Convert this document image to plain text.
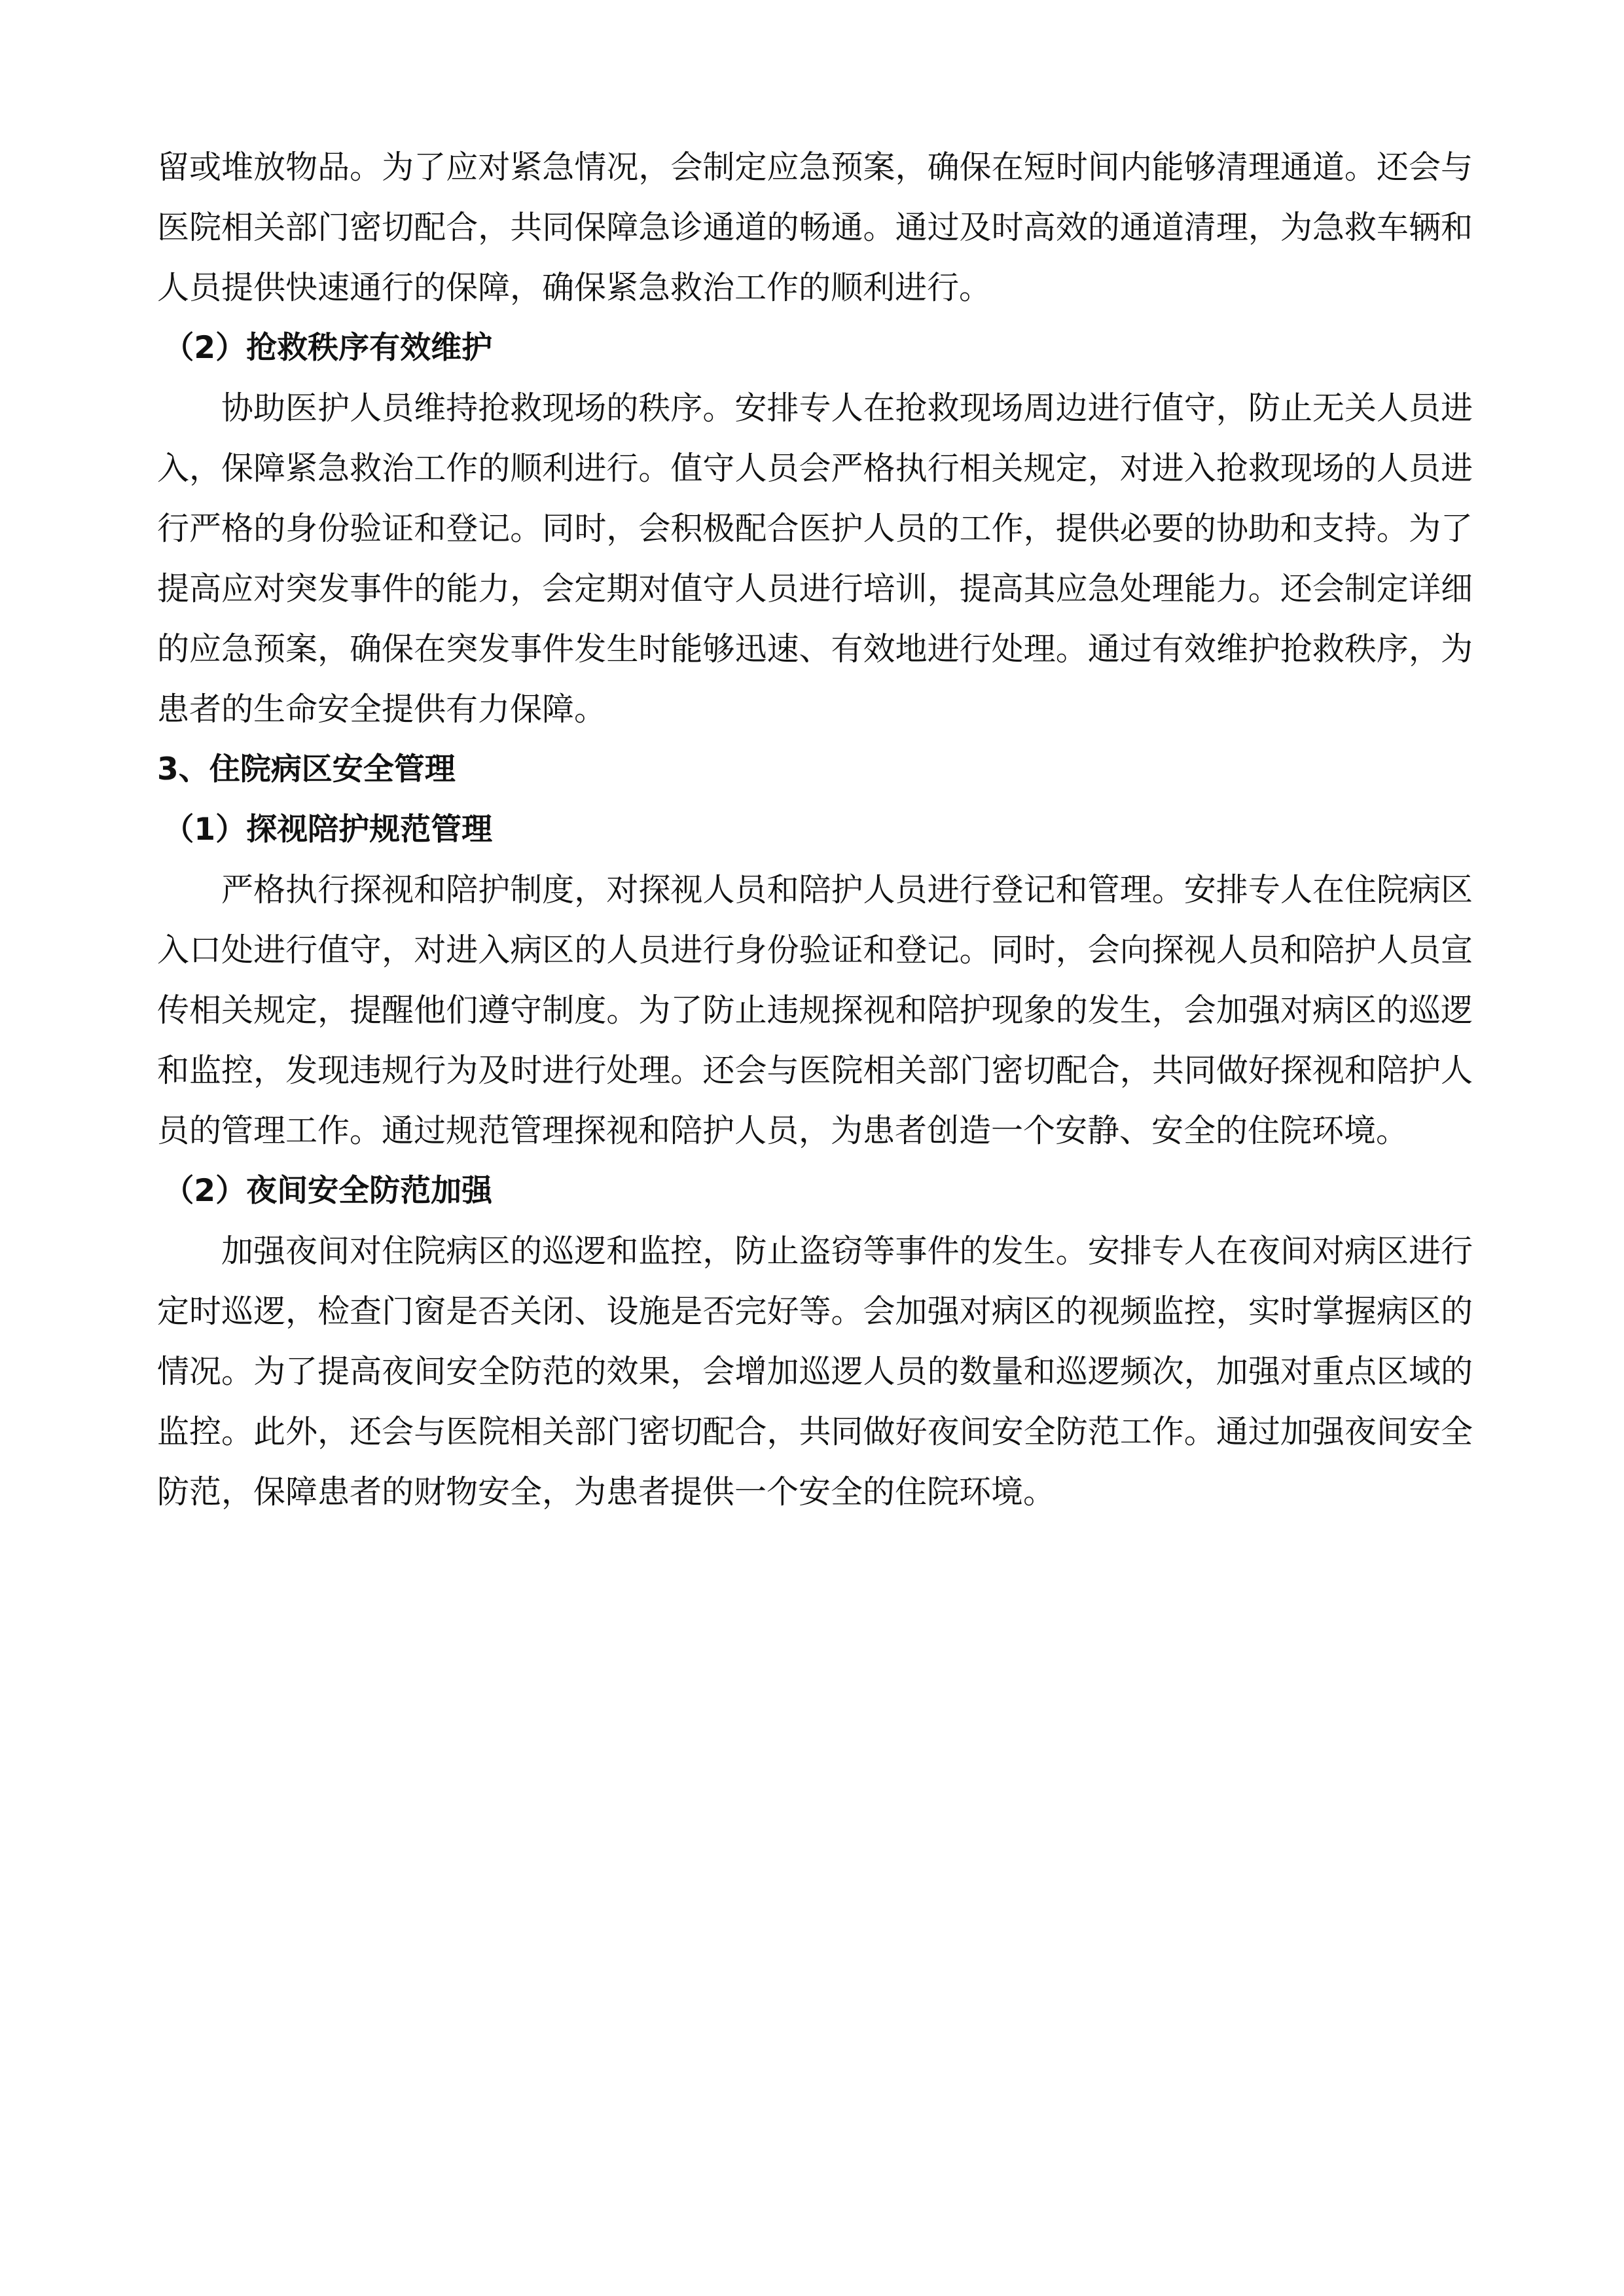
留或堆放物品。为了应对紧急情况，会制定应急预案，确保在短时间内能够清理通道。还会与医院相关部门密切配合，共同保障急诊通道的畅通。通过及时高效的通道清理，为急救车辆和人员提供快速通行的保障，确保紧急救治工作的顺利进行。

（2）抢救秩序有效维护

协助医护人员维持抢救现场的秩序。安排专人在抢救现场周边进行值守，防止无关人员进入，保障紧急救治工作的顺利进行。值守人员会严格执行相关规定，对进入抢救现场的人员进行严格的身份验证和登记。同时，会积极配合医护人员的工作，提供必要的协助和支持。为了提高应对突发事件的能力，会定期对值守人员进行培训，提高其应急处理能力。还会制定详细的应急预案，确保在突发事件发生时能够迅速、有效地进行处理。通过有效维护抢救秩序，为患者的生命安全提供有力保障。

3、住院病区安全管理

（1）探视陪护规范管理

严格执行探视和陪护制度，对探视人员和陪护人员进行登记和管理。安排专人在住院病区入口处进行值守，对进入病区的人员进行身份验证和登记。同时，会向探视人员和陪护人员宣传相关规定，提醒他们遵守制度。为了防止违规探视和陪护现象的发生，会加强对病区的巡逻和监控，发现违规行为及时进行处理。还会与医院相关部门密切配合，共同做好探视和陪护人员的管理工作。通过规范管理探视和陪护人员，为患者创造一个安静、安全的住院环境。

（2）夜间安全防范加强

加强夜间对住院病区的巡逻和监控，防止盗窃等事件的发生。安排专人在夜间对病区进行定时巡逻，检查门窗是否关闭、设施是否完好等。会加强对病区的视频监控，实时掌握病区的情况。为了提高夜间安全防范的效果，会增加巡逻人员的数量和巡逻频次，加强对重点区域的监控。此外，还会与医院相关部门密切配合，共同做好夜间安全防范工作。通过加强夜间安全防范，保障患者的财物安全，为患者提供一个安全的住院环境。
